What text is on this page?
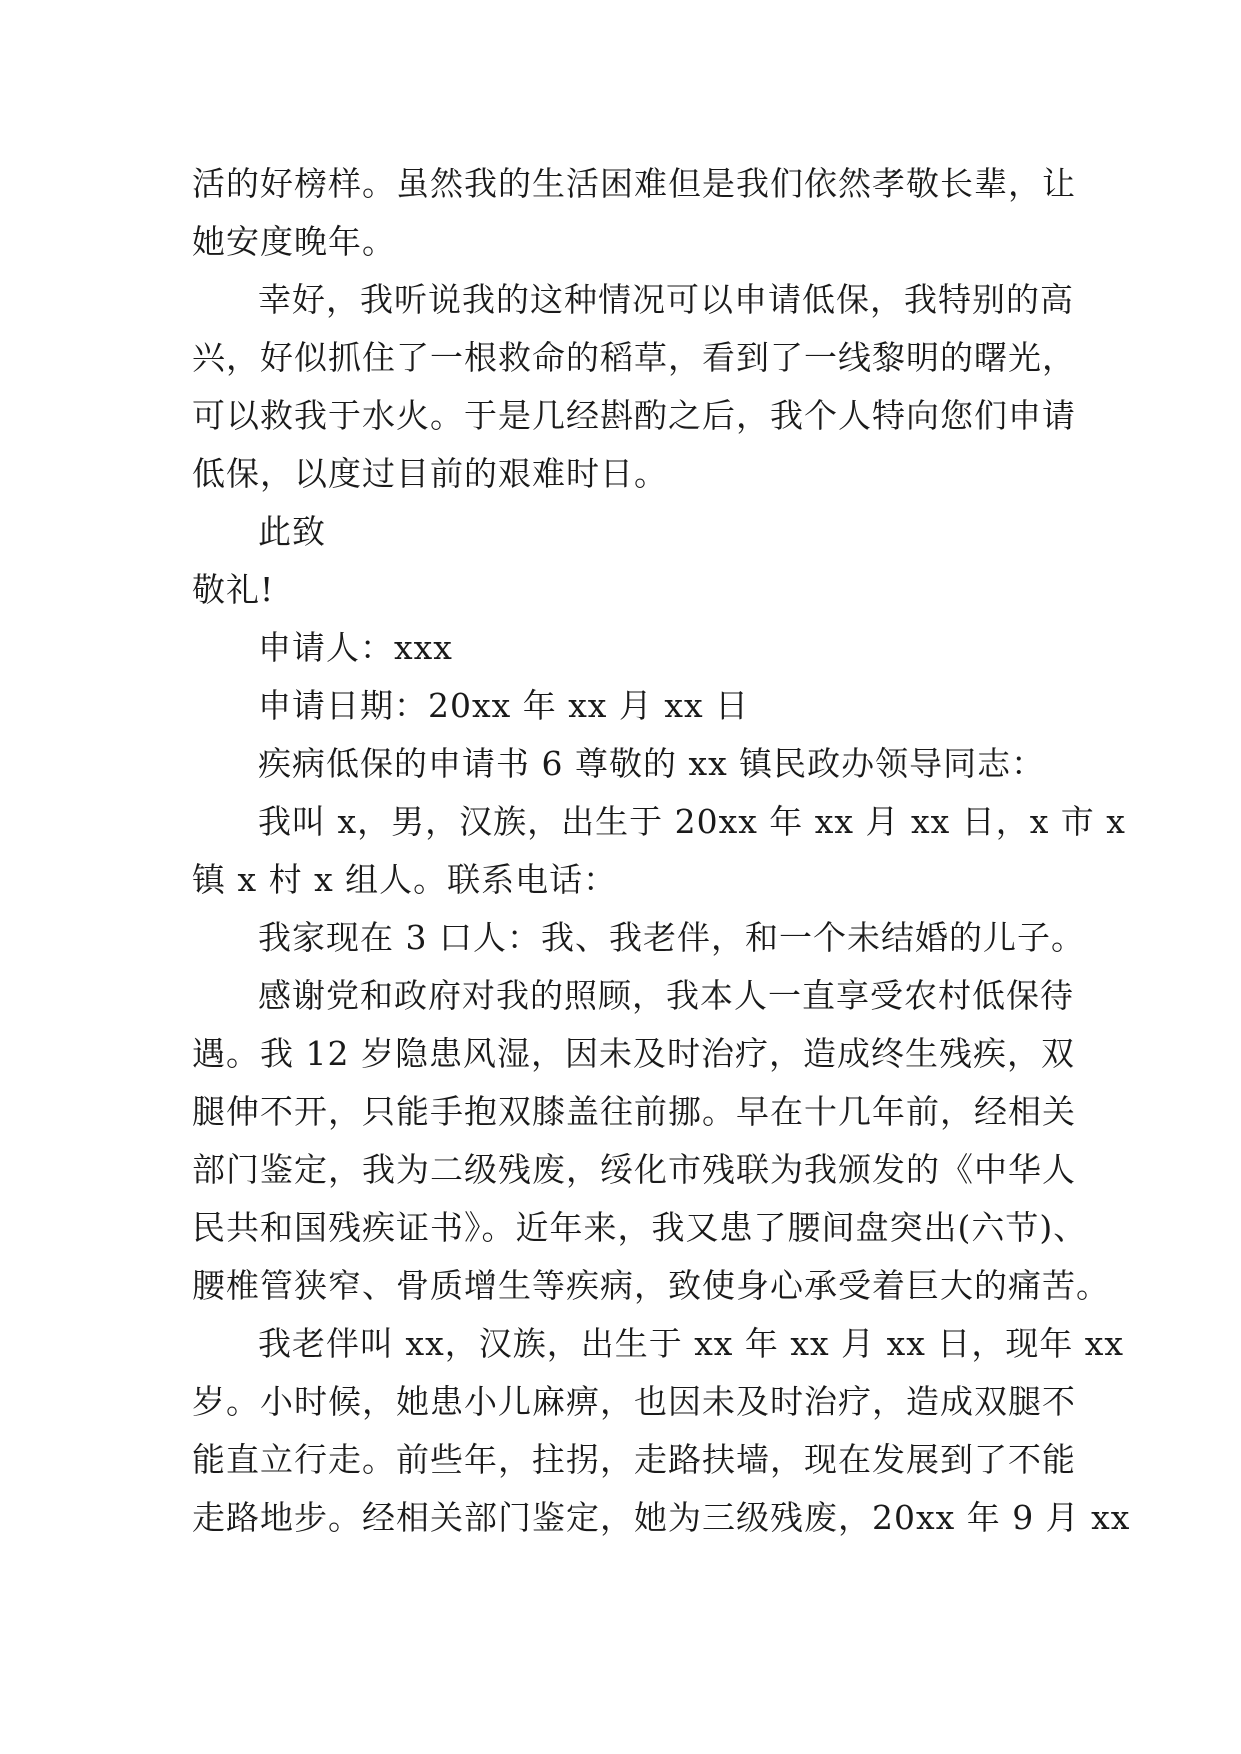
活的好榜样。虽然我的生活困难但是我们依然孝敬长辈，让
她安度晚年。
幸好，我听说我的这种情况可以申请低保，我特别的高
兴，好似抓住了一根救命的稻草，看到了一线黎明的曙光，
可以救我于水火。于是几经斟酌之后，我个人特向您们申请
低保，以度过目前的艰难时日。
此致
敬礼!
申请人：xxx
申请日期：20xx 年 xx 月 xx 日
疾病低保的申请书 6 尊敬的 xx 镇民政办领导同志：
我叫 x，男，汉族，出生于 20xx 年 xx 月 xx 日，x 市 x
镇 x 村 x 组人。联系电话：
我家现在 3 口人：我、我老伴，和一个未结婚的儿子。
感谢党和政府对我的照顾，我本人一直享受农村低保待
遇。我 12 岁隐患风湿，因未及时治疗，造成终生残疾，双
腿伸不开，只能手抱双膝盖往前挪。早在十几年前，经相关
部门鉴定，我为二级残废，绥化市残联为我颁发的《中华人
民共和国残疾证书》。近年来，我又患了腰间盘突出(六节)、
腰椎管狭窄、骨质增生等疾病，致使身心承受着巨大的痛苦。
我老伴叫 xx，汉族，出生于 xx 年 xx 月 xx 日，现年 xx
岁。小时候，她患小儿麻痹，也因未及时治疗，造成双腿不
能直立行走。前些年，拄拐，走路扶墙，现在发展到了不能
走路地步。经相关部门鉴定，她为三级残废，20xx 年 9 月 xx
